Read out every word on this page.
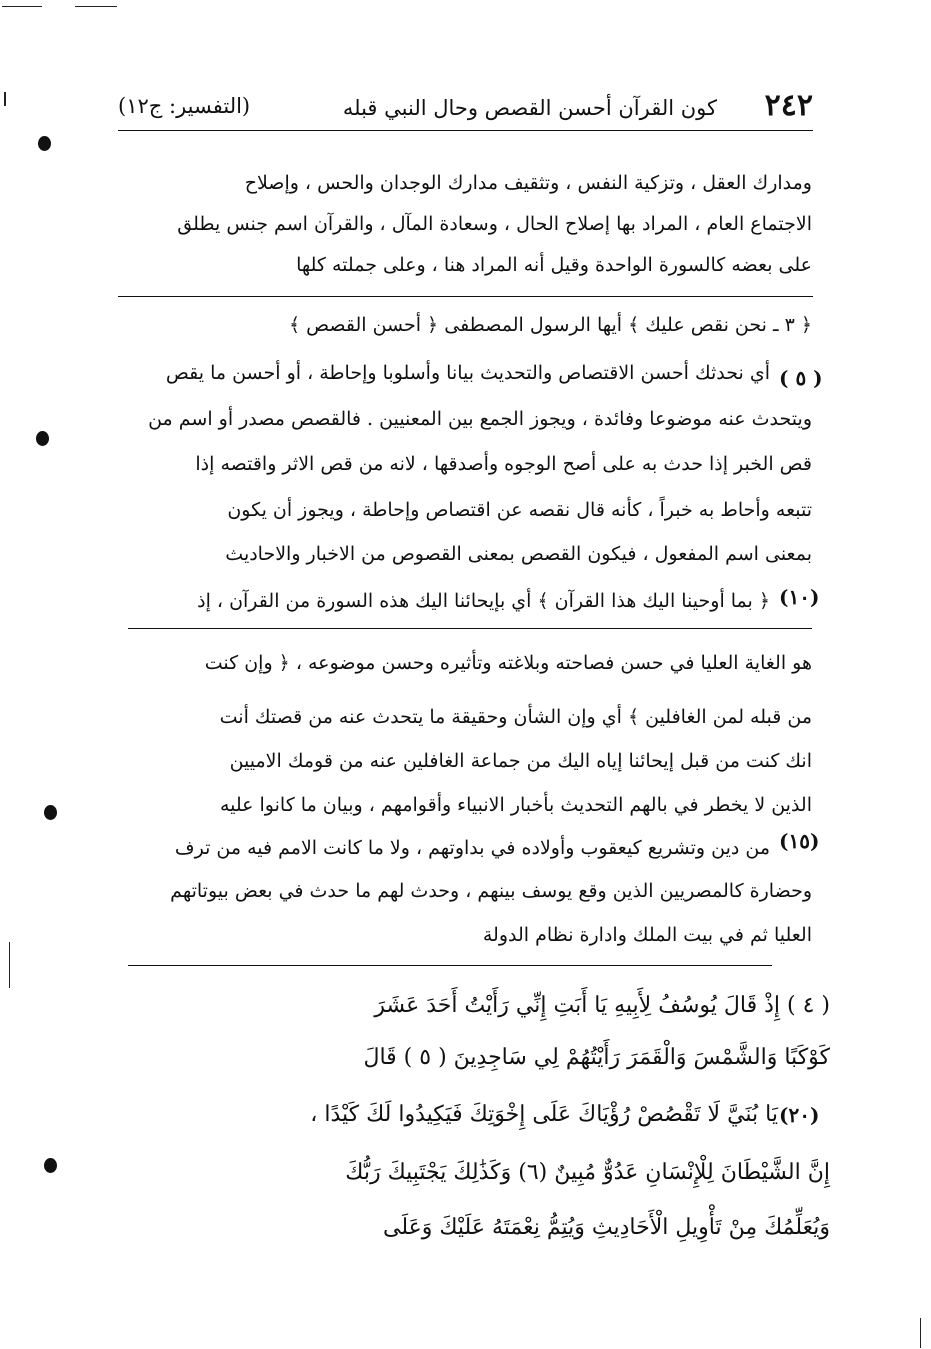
٢٤٢
كون القرآن أحسن القصص وحال النبي قبله
(التفسير: ج١٢)
ومدارك العقل ، وتزكية النفس ، وتثقيف مدارك الوجدان والحس ، وإصلاح
الاجتماع العام ، المراد بها إصلاح الحال ، وسعادة المآل ، والقرآن اسم جنس يطلق
على بعضه كالسورة الواحدة وقيل أنه المراد هنا ، وعلى جملته كلها
﴿ ٣ ـ نحن نقص عليك ﴾ أيها الرسول المصطفى ﴿ أحسن القصص ﴾
أي نحدثك أحسن الاقتصاص والتحديث بيانا وأسلوبا وإحاطة ، أو أحسن ما يقص
ويتحدث عنه موضوعا وفائدة ، ويجوز الجمع بين المعنيين . فالقصص مصدر أو اسم من
قص الخبر إذا حدث به على أصح الوجوه وأصدقها ، لانه من قص الاثر واقتصه إذا
تتبعه وأحاط به خبراً ، كأنه قال نقصه عن اقتصاص وإحاطة ، ويجوز أن يكون
بمعنى اسم المفعول ، فيكون القصص بمعنى القصوص من الاخبار والاحاديث
﴿ بما أوحينا اليك هذا القرآن ﴾ أي بإيحائنا اليك هذه السورة من القرآن ، إذ
هو الغاية العليا في حسن فصاحته وبلاغته وتأثيره وحسن موضوعه ، ﴿ وإن كنت
من قبله لمن الغافلين ﴾ أي وإن الشأن وحقيقة ما يتحدث عنه من قصتك أنت
انك كنت من قبل إيحائنا إياه اليك من جماعة الغافلين عنه من قومك الاميين
الذين لا يخطر في بالهم التحديث بأخبار الانبياء وأقوامهم ، وبيان ما كانوا عليه
من دين وتشريع كيعقوب وأولاده في بداوتهم ، ولا ما كانت الامم فيه من ترف
وحضارة كالمصريين الذين وقع يوسف بينهم ، وحدث لهم ما حدث في بعض بيوتاتهم
العليا ثم في بيت الملك وادارة نظام الدولة
( ٤ ) إِذْ قَالَ يُوسُفُ لِأَبِيهِ يَا أَبَتِ إِنِّي رَأَيْتُ أَحَدَ عَشَرَ
كَوْكَبًا وَالشَّمْسَ وَالْقَمَرَ رَأَيْتُهُمْ لِي سَاجِدِينَ ( ٥ ) قَالَ
يَا بُنَيَّ لَا تَقْصُصْ رُؤْيَاكَ عَلَى إِخْوَتِكَ فَيَكِيدُوا لَكَ كَيْدًا ،
إِنَّ الشَّيْطَانَ لِلْإِنْسَانِ عَدُوٌّ مُبِينٌ (٦) وَكَذَٰلِكَ يَجْتَبِيكَ رَبُّكَ
وَيُعَلِّمُكَ مِنْ تَأْوِيلِ الْأَحَادِيثِ وَيُتِمُّ نِعْمَتَهُ عَلَيْكَ وَعَلَى
( ٥ )
(١٠)
(١٥)
(٢٠)
